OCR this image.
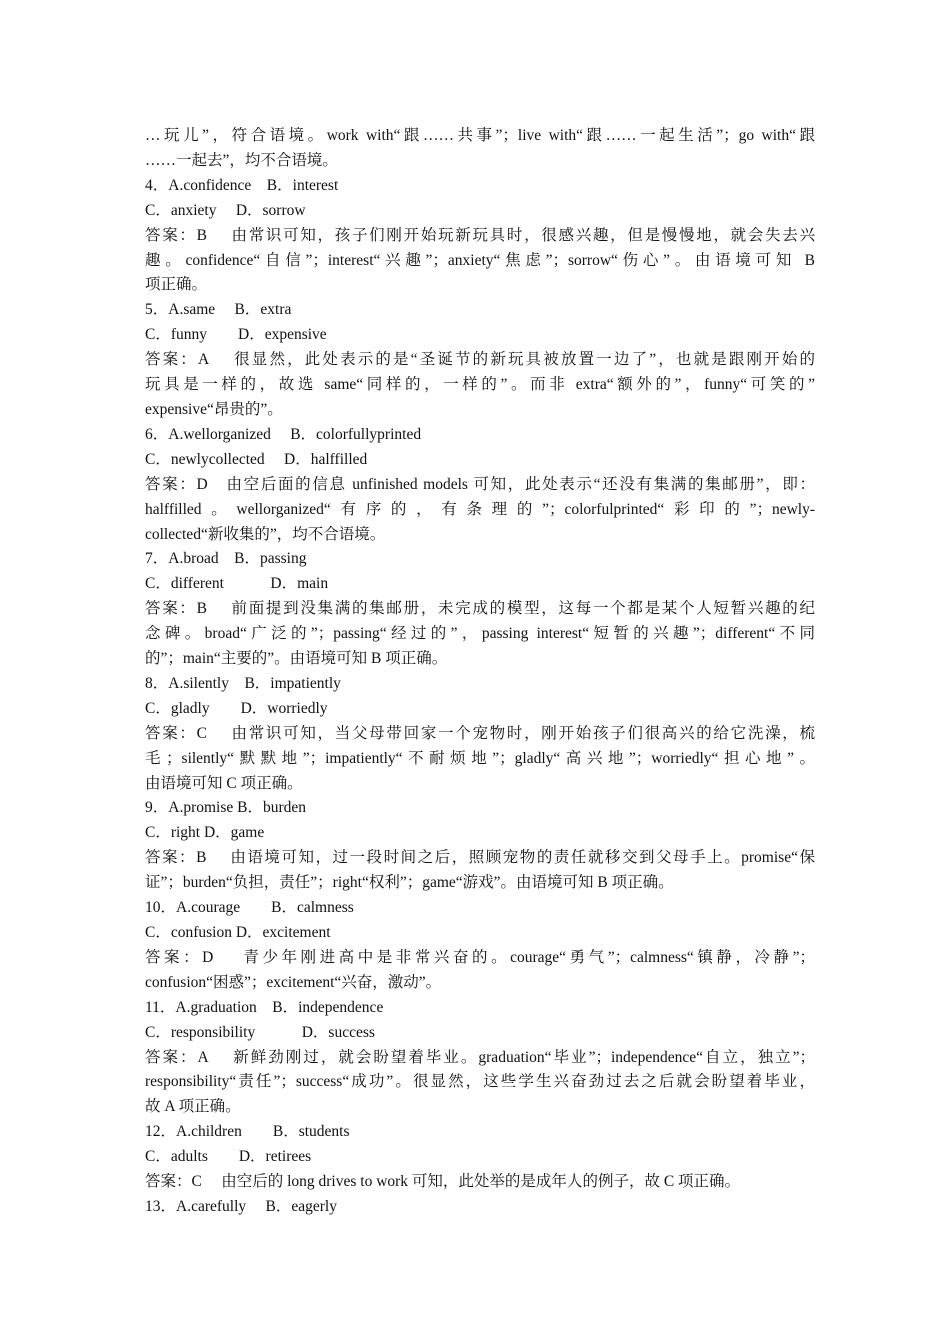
…玩儿”，符合语境。work with“跟……共事”；live with“跟……一起生活”；go with“跟
……一起去”，均不合语境。
4．A.confidence　B．interest
C．anxiety　 D．sorrow
答案：B　 由常识可知，孩子们刚开始玩新玩具时，很感兴趣，但是慢慢地，就会失去兴
趣。confidence“自信”；interest“兴趣”；anxiety“焦虑”；sorrow“伤心”。由语境可知 B
项正确。
5．A.same　 B．extra
C．funny　　D．expensive
答案：A　 很显然，此处表示的是“圣诞节的新玩具被放置一边了”，也就是跟刚开始的
玩具是一样的，故选 same“同样的，一样的”。而非 extra“额外的”，funny“可笑的”
expensive“昂贵的”。
6．A.wellorganized　 B．colorfullyprinted
C．newlycollected　 D．halffilled
答案：D　由空后面的信息 unfinished models 可知，此处表示“还没有集满的集邮册”，即：
halffilled。wellorganized“有序的，有条理的”；colorfulprinted“彩印的”；newly-
collected“新收集的”，均不合语境。
7．A.broad　B．passing
C．different　　　D．main
答案：B　 前面提到没集满的集邮册，未完成的模型，这每一个都是某个人短暂兴趣的纪
念碑。broad“广泛的”；passing“经过的”，passing interest“短暂的兴趣”；different“不同
的”；main“主要的”。由语境可知 B 项正确。
8．A.silently　B．impatiently
C．gladly　　D．worriedly
答案：C　 由常识可知，当父母带回家一个宠物时，刚开始孩子们很高兴的给它洗澡，梳
毛；silently“默默地”；impatiently“不耐烦地”；gladly“高兴地”；worriedly“担心地”。
由语境可知 C 项正确。
9．A.promise B．burden
C．right D．game
答案：B　 由语境可知，过一段时间之后，照顾宠物的责任就移交到父母手上。promise“保
证”；burden“负担，责任”；right“权利”；game“游戏”。由语境可知 B 项正确。
10．A.courage　　B．calmness
C．confusion D．excitement
答案：D　 青少年刚进高中是非常兴奋的。courage“勇气”；calmness“镇静，冷静”；
confusion“困惑”；excitement“兴奋，激动”。
11．A.graduation　B．independence
C．responsibility　　　D．success
答案：A　 新鲜劲刚过，就会盼望着毕业。graduation“毕业”；independence“自立，独立”；
responsibility“责任”；success“成功”。很显然，这些学生兴奋劲过去之后就会盼望着毕业，
故 A 项正确。
12．A.children　　B．students
C．adults　　D．retirees
答案：C　 由空后的 long drives to work 可知，此处举的是成年人的例子，故 C 项正确。
13．A.carefully　 B．eagerly
